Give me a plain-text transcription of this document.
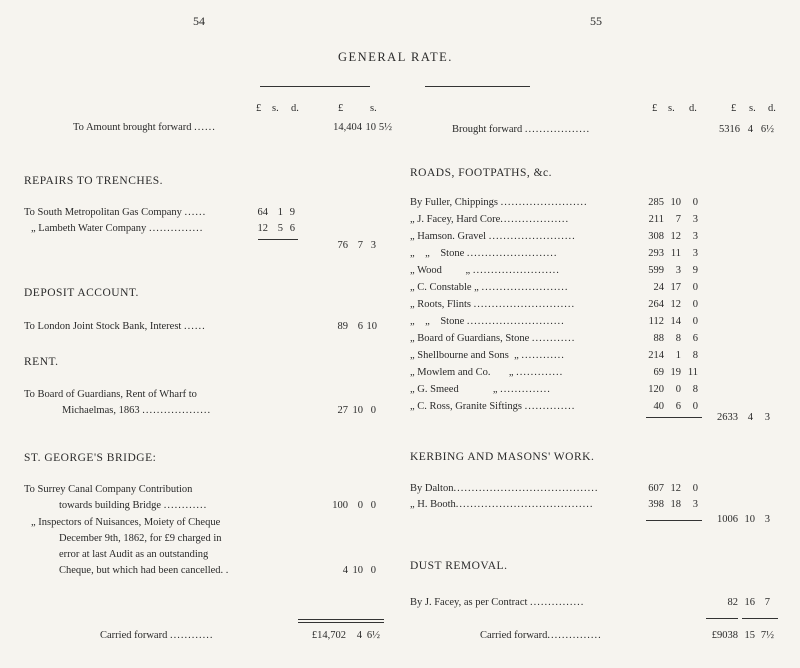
54	55
GENERAL RATE.
£ s. d.	£	s.
To Amount brought forward ......	14,404 10 5½
REPAIRS TO TRENCHES.
To South Metropolitan Gas Company ......	64 1 9
„ Lambeth Water Company ...............	12 5 6
76 7 3
DEPOSIT ACCOUNT.
To London Joint Stock Bank, Interest ......	89 6 10
RENT.
To Board of Guardians, Rent of Wharf to
Michaelmas, 1863 ...................	27 10 0
ST. GEORGE'S BRIDGE:
To Surrey Canal Company Contribution
towards building Bridge ............	100 0 0
„ Inspectors of Nuisances, Moiety of Cheque
December 9th, 1862, for £9 charged in
error at last Audit as an outstanding
Cheque, but which had been cancelled. .	4 10 0
Carried forward ............	£14,702	4 6½
£ s. d.	£ s. d.
Brought forward ..................	5316 4 6½
ROADS, FOOTPATHS, &c.
By Fuller, Chippings ........................	285 10	0
„ J. Facey, Hard Core...................	211	7	3
„ Hamson. Gravel ........................	308 12	3
„    „    Stone .........................	293 11	3
„ Wood         „ ........................	599	3	9
„ C. Constable „ ........................	24 17	0
„ Roots, Flints ............................	264 12	0
„    „    Stone ...........................	112 14	0
„ Board of Guardians, Stone ............	88	8	6
„ Shellbourne and Sons  „ ............	214	1	8
„ Mowlem and Co.       „ .............	69 19 11
„ G. Smeed             „ ..............	120	0	8
„ C. Ross, Granite Siftings ..............	40	6	0
2633 4	3
KERBING AND MASONS' WORK.
By Dalton........................................	607 12	0
„ H. Booth......................................	398 18	3
1006 10 3
DUST REMOVAL.
By J. Facey, as per Contract ...............	82 16 7
Carried forward...............	£9038 15 7½
